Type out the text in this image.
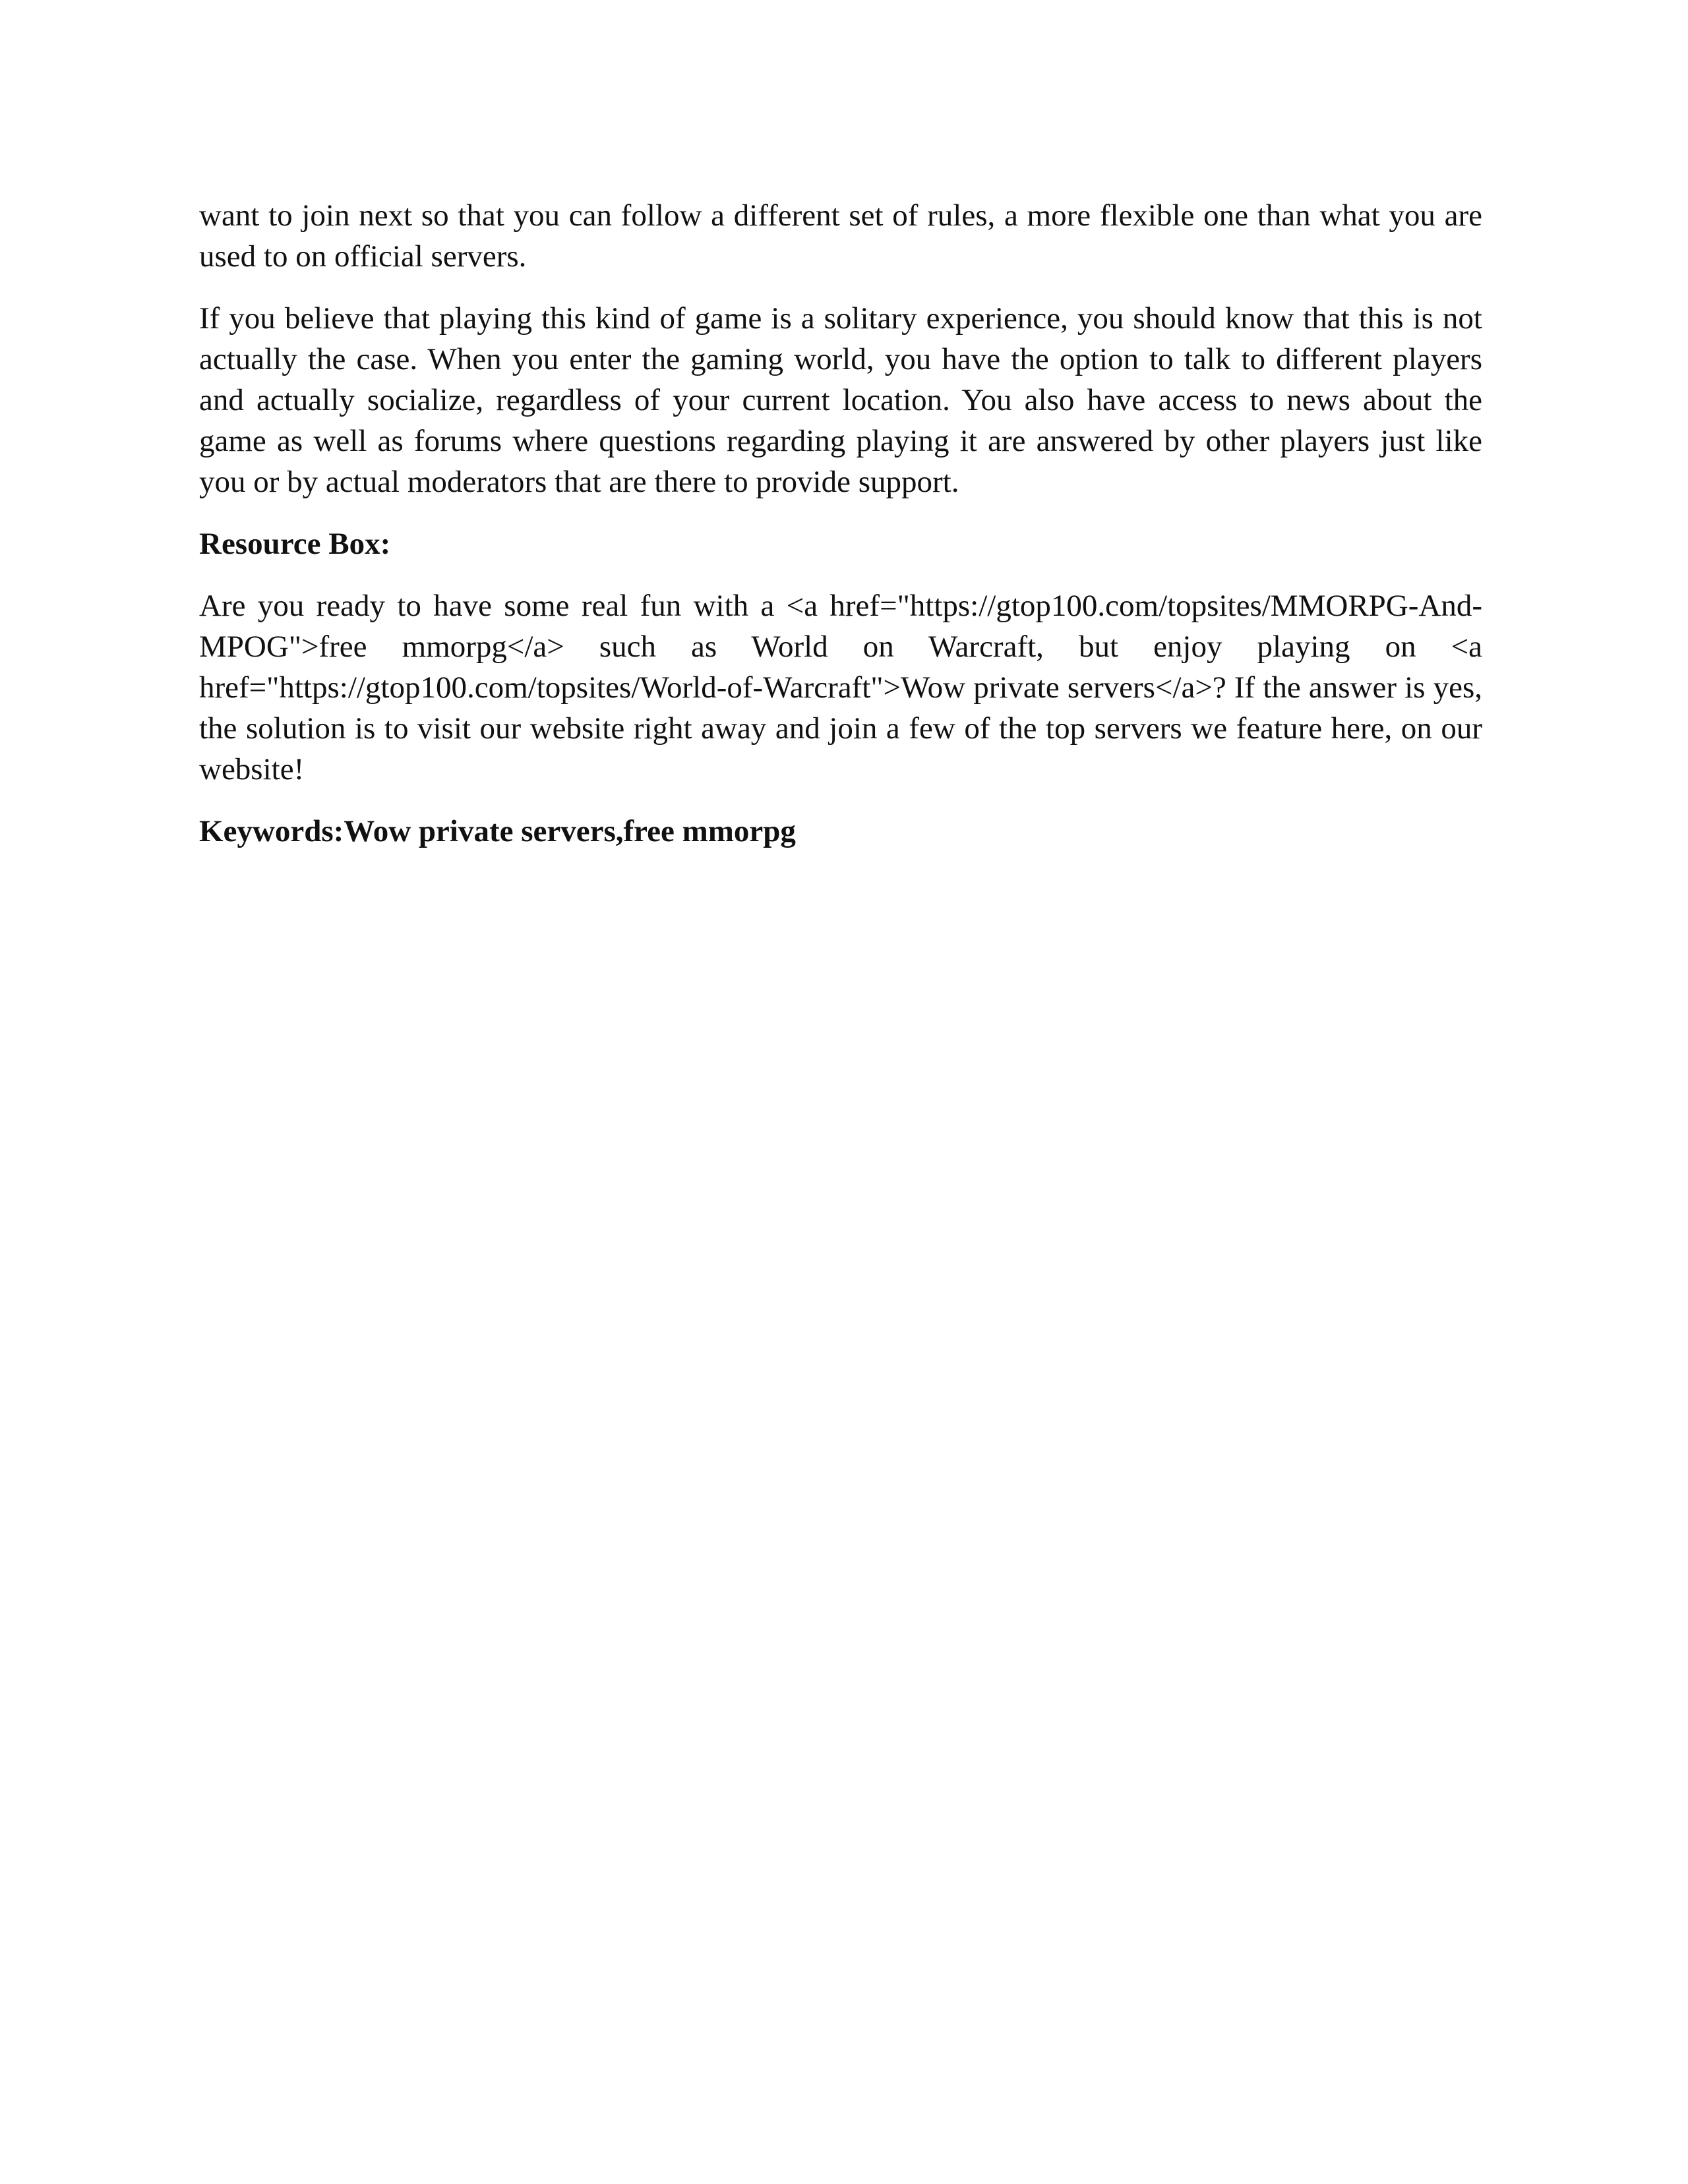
want to join next so that you can follow a different set of rules, a more flexible one than what you are used to on official servers.

If you believe that playing this kind of game is a solitary experience, you should know that this is not actually the case. When you enter the gaming world, you have the option to talk to different players and actually socialize, regardless of your current location. You also have access to news about the game as well as forums where questions regarding playing it are answered by other players just like you or by actual moderators that are there to provide support.

Resource Box:

Are you ready to have some real fun with a <a href="https://gtop100.com/topsites/MMORPG-And-MPOG">free mmorpg</a> such as World on Warcraft, but enjoy playing on <a href="https://gtop100.com/topsites/World-of-Warcraft">Wow private servers</a>? If the answer is yes, the solution is to visit our website right away and join a few of the top servers we feature here, on our website!

Keywords:Wow private servers,free mmorpg
